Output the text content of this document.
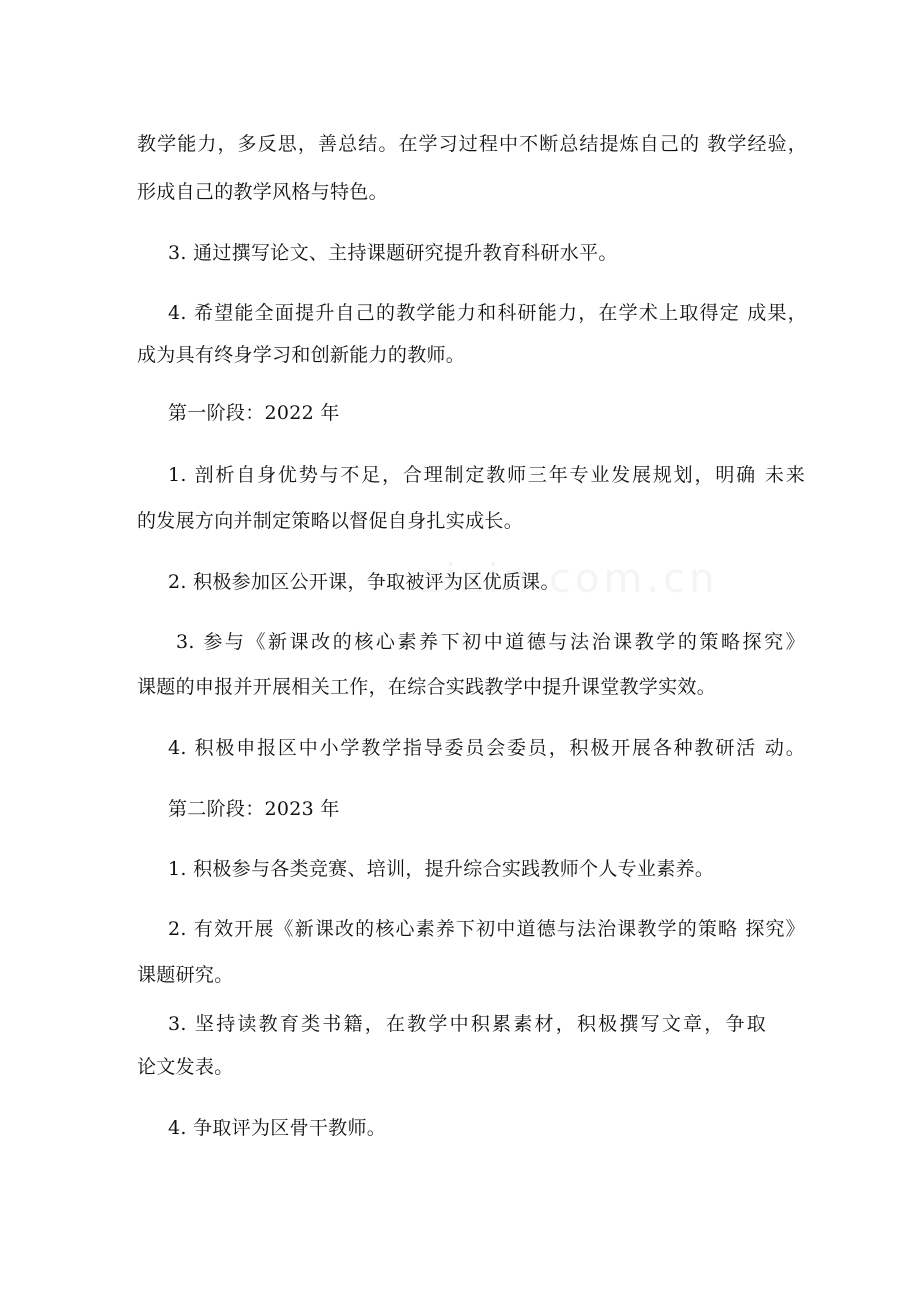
教学能力，多反思，善总结。在学习过程中不断总结提炼自己的 教学经验，
形成自己的教学风格与特色。
3. 通过撰写论文、主持课题研究提升教育科研水平。
4. 希望能全面提升自己的教学能力和科研能力，在学术上取得定 成果，
成为具有终身学习和创新能力的教师。
第一阶段：2022 年
1. 剖析自身优势与不足，合理制定教师三年专业发展规划，明确 未来
的发展方向并制定策略以督促自身扎实成长。
2. 积极参加区公开课，争取被评为区优质课。
3. 参与《新课改的核心素养下初中道德与法治课教学的策略探究》
课题的申报并开展相关工作，在综合实践教学中提升课堂教学实效。
4. 积极申报区中小学教学指导委员会委员，积极开展各种教研活 动。
第二阶段：2023 年
1. 积极参与各类竞赛、培训，提升综合实践教师个人专业素养。
2. 有效开展《新课改的核心素养下初中道德与法治课教学的策略 探究》
课题研究。
3. 坚持读教育类书籍，在教学中积累素材，积极撰写文章，争取
论文发表。
4. 争取评为区骨干教师。
